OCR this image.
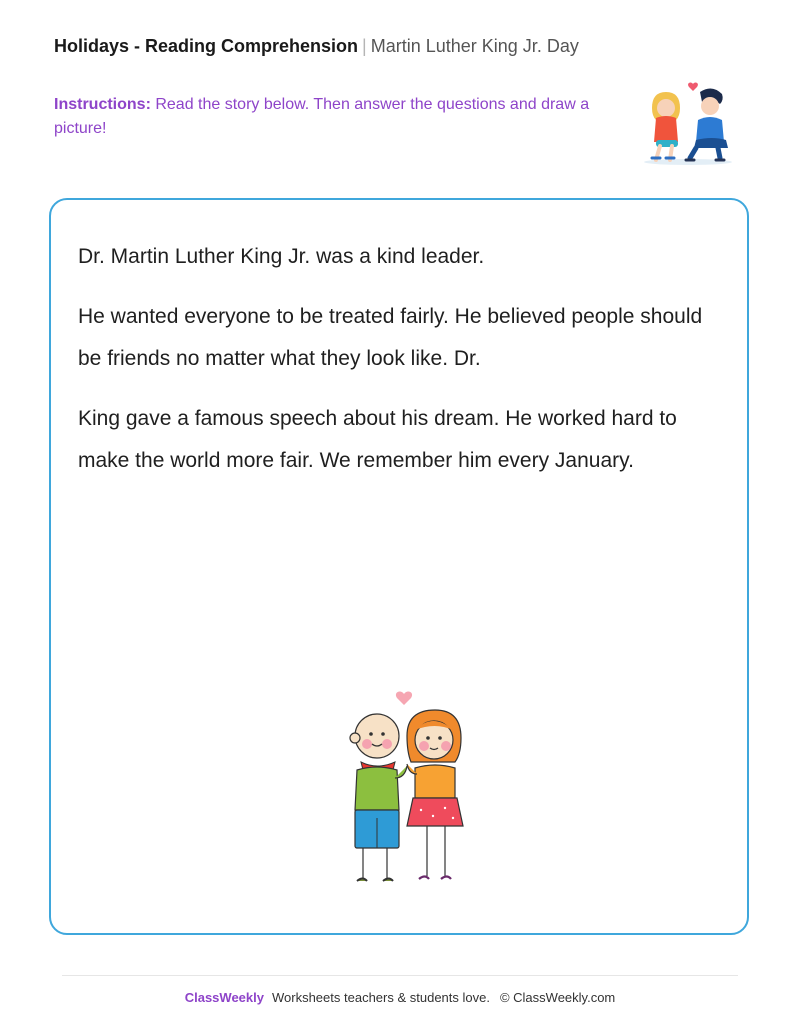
Holidays - Reading Comprehension | Martin Luther King Jr. Day
Instructions: Read the story below. Then answer the questions and draw a picture!

Dr. Martin Luther King Jr. was a kind leader.

He wanted everyone to be treated fairly. He believed people should be friends no matter what they look like. Dr.

King gave a famous speech about his dream. He worked hard to make the world more fair. We remember him every January.

ClassWeekly Worksheets teachers & students love. © ClassWeekly.com
